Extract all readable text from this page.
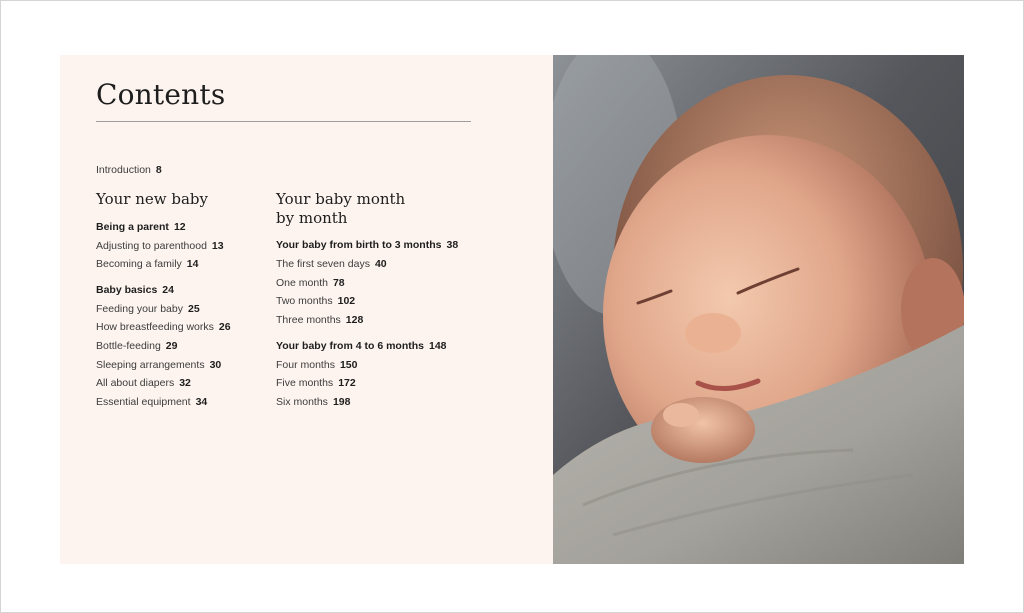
Contents
Introduction 8
Your new baby
Being a parent 12
Adjusting to parenthood 13
Becoming a family 14
Baby basics 24
Feeding your baby 25
How breastfeeding works 26
Bottle-feeding 29
Sleeping arrangements 30
All about diapers 32
Essential equipment 34
Your baby month
by month
Your baby from birth to 3 months 38
The first seven days 40
One month 78
Two months 102
Three months 128
Your baby from 4 to 6 months 148
Four months 150
Five months 172
Six months 198
